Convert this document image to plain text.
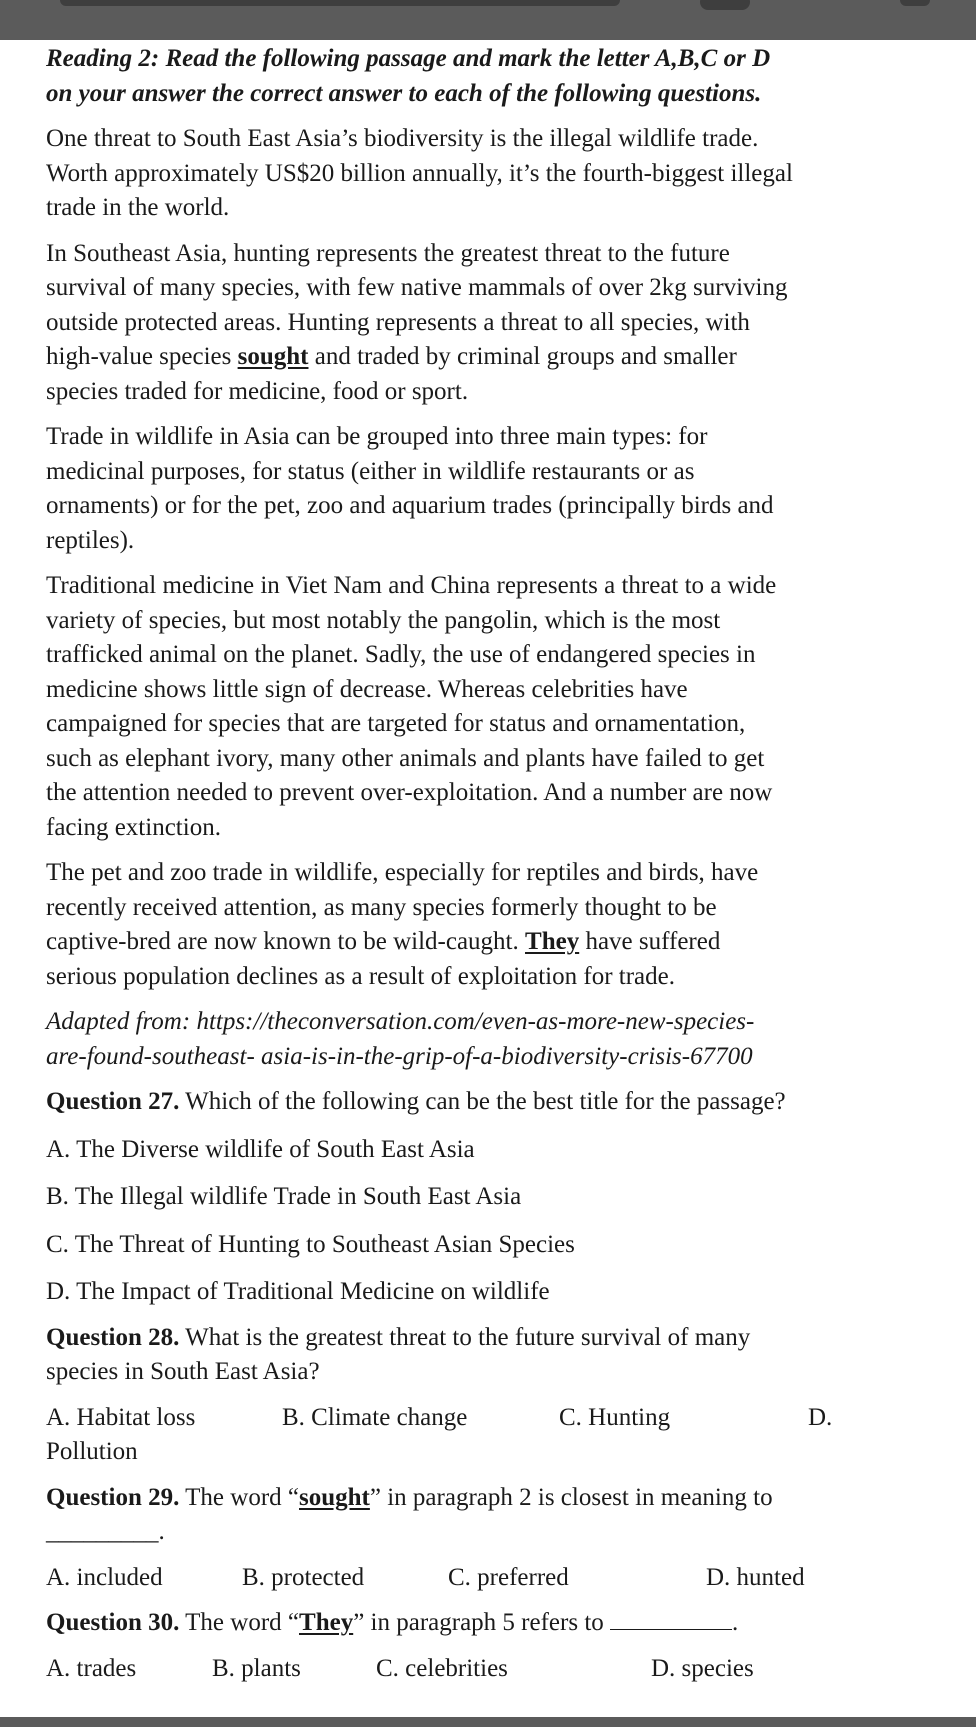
Reading 2: Read the following passage and mark the letter A,B,C or D
on your answer the correct answer to each of the following questions.
One threat to South East Asia’s biodiversity is the illegal wildlife trade.
Worth approximately US$20 billion annually, it’s the fourth-biggest illegal
trade in the world.
In Southeast Asia, hunting represents the greatest threat to the future
survival of many species, with few native mammals of over 2kg surviving
outside protected areas. Hunting represents a threat to all species, with
high-value species sought and traded by criminal groups and smaller
species traded for medicine, food or sport.
Trade in wildlife in Asia can be grouped into three main types: for
medicinal purposes, for status (either in wildlife restaurants or as
ornaments) or for the pet, zoo and aquarium trades (principally birds and
reptiles).
Traditional medicine in Viet Nam and China represents a threat to a wide
variety of species, but most notably the pangolin, which is the most
trafficked animal on the planet. Sadly, the use of endangered species in
medicine shows little sign of decrease. Whereas celebrities have
campaigned for species that are targeted for status and ornamentation,
such as elephant ivory, many other animals and plants have failed to get
the attention needed to prevent over-exploitation. And a number are now
facing extinction.
The pet and zoo trade in wildlife, especially for reptiles and birds, have
recently received attention, as many species formerly thought to be
captive-bred are now known to be wild-caught. They have suffered
serious population declines as a result of exploitation for trade.
Adapted from: https://theconversation.com/even-as-more-new-species-
are-found-southeast- asia-is-in-the-grip-of-a-biodiversity-crisis-67700
Question 27. Which of the following can be the best title for the passage?
A. The Diverse wildlife of South East Asia
B. The Illegal wildlife Trade in South East Asia
C. The Threat of Hunting to Southeast Asian Species
D. The Impact of Traditional Medicine on wildlife
Question 28. What is the greatest threat to the future survival of many
species in South East Asia?
A. Habitat loss	B. Climate change	C. Hunting	D.
Pollution
Question 29. The word “sought” in paragraph 2 is closest in meaning to
_________.
A. included	B. protected	C. preferred	D. hunted
Question 30. The word “They” in paragraph 5 refers to	.
A. trades	B. plants	C. celebrities	D. species
